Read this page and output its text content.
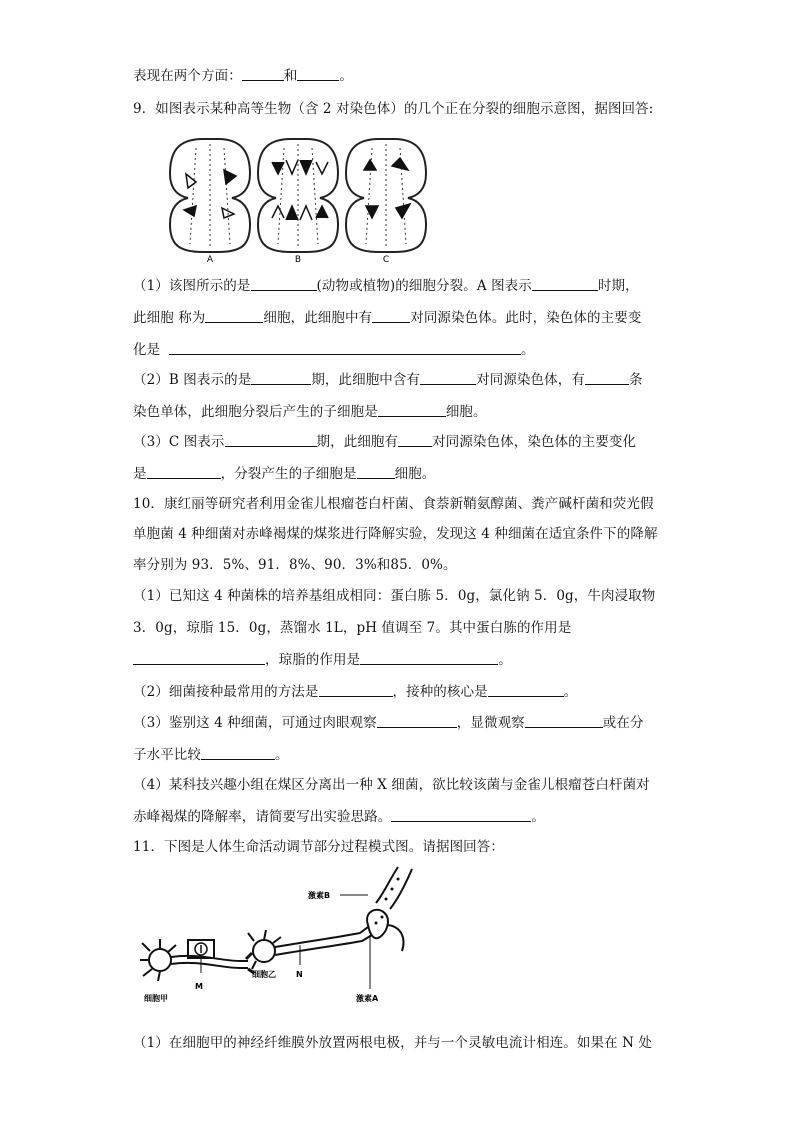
表现在两个方面：	和	。
9．如图表示某种高等生物（含 2 对染色体）的几个正在分裂的细胞示意图，据图回答:
A	B	C
（1）该图所示的是	(动物或植物)的细胞分裂。A 图表示	时期，
此细胞 称为	细胞，此细胞中有	对同源染色体。此时，染色体的主要变
化是	。
（2）B 图表示的是	期，此细胞中含有	对同源染色体，有	条
染色单体，此细胞分裂后产生的子细胞是	细胞。
（3）C 图表示	期，此细胞有	对同源染色体，染色体的主要变化
是	，分裂产生的子细胞是	细胞。
10．康红丽等研究者利用金雀儿根瘤苍白杆菌、食萘新鞘氨醇菌、粪产碱杆菌和荧光假
单胞菌 4 种细菌对赤峰褐煤的煤浆进行降解实验，发现这 4 种细菌在适宜条件下的降解
率分别为 93．5%、91．8%、90．3%和85．0%。
（1）已知这 4 种菌株的培养基组成相同：蛋白胨 5．0g，氯化钠 5．0g，牛肉浸取物
3．0g，琼脂 15．0g，蒸馏水 1L，pH 值调至 7。其中蛋白胨的作用是
，琼脂的作用是	。
（2）细菌接种最常用的方法是	，接种的核心是	。
（3）鉴别这 4 种细菌，可通过肉眼观察	，显微观察	或在分
子水平比较	。
（4）某科技兴趣小组在煤区分离出一种 X 细菌，欲比较该菌与金雀儿根瘤苍白杆菌对
赤峰褐煤的降解率，请简要写出实验思路。	。
11．下图是人体生命活动调节部分过程模式图。请据图回答：
细胞甲
M
细胞乙	N
激素A
激素B
（1）在细胞甲的神经纤维膜外放置两根电极，并与一个灵敏电流计相连。如果在 N 处
